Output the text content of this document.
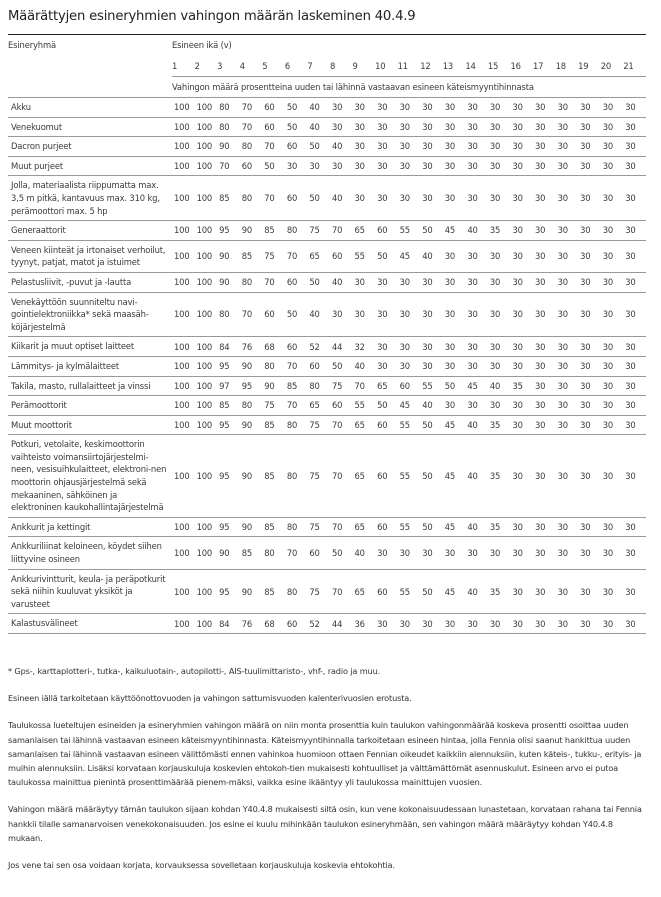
Määrättyjen esineryhmien vahingon määrän laskeminen 40.4.9
Esineryhmä	Esineen ikä (v)																				
	1	2	3	4	5	6	7	8	9	10	11	12	13	14	15	16	17	18	19	20	21
	Vahingon määrä prosentteina uuden tai lähinnä vastaavan esineen käteismyyntihinnasta																				
Akku	100	100	80	70	60	50	40	30	30	30	30	30	30	30	30	30	30	30	30	30	30
Venekuomut	100	100	80	70	60	50	40	30	30	30	30	30	30	30	30	30	30	30	30	30	30
Dacron purjeet	100	100	90	80	70	60	50	40	30	30	30	30	30	30	30	30	30	30	30	30	30
Muut purjeet	100	100	70	60	50	30	30	30	30	30	30	30	30	30	30	30	30	30	30	30	30
Jolla, materiaalista riippumatta max. 3,5 m pitkä, kantavuus max. 310 kg, perämoottori max. 5 hp	100	100	85	80	70	60	50	40	30	30	30	30	30	30	30	30	30	30	30	30	30
Generaattorit	100	100	95	90	85	80	75	70	65	60	55	50	45	40	35	30	30	30	30	30	30
Veneen kiinteät ja irtonaiset verhoilut, tyynyt, patjat, matot ja istuimet	100	100	90	85	75	70	65	60	55	50	45	40	30	30	30	30	30	30	30	30	30
Pelastusliivit, -puvut ja -lautta	100	100	90	80	70	60	50	40	30	30	30	30	30	30	30	30	30	30	30	30	30
Venekäyttöön suunniteltu navi-gointielektroniikka* sekä maasäh-köjärjestelmä	100	100	80	70	60	50	40	30	30	30	30	30	30	30	30	30	30	30	30	30	30
Kiikarit ja muut optiset laitteet	100	100	84	76	68	60	52	44	32	30	30	30	30	30	30	30	30	30	30	30	30
Lämmitys- ja kylmälaitteet	100	100	95	90	80	70	60	50	40	30	30	30	30	30	30	30	30	30	30	30	30
Takila, masto, rullalaitteet ja vinssi	100	100	97	95	90	85	80	75	70	65	60	55	50	45	40	35	30	30	30	30	30
Perämoottorit	100	100	85	80	75	70	65	60	55	50	45	40	30	30	30	30	30	30	30	30	30
Muut moottorit	100	100	95	90	85	80	75	70	65	60	55	50	45	40	35	30	30	30	30	30	30
Potkuri, vetolaite, keskimoottorin vaihteisto voimansiirtojärjestelmi-neen, vesisuihkulaitteet, elektroni-nen moottorin ohjausjärjestelmä sekä mekaaninen, sähköinen ja elektroninen kaukohallintajärjestelmä	100	100	95	90	85	80	75	70	65	60	55	50	45	40	35	30	30	30	30	30	30
Ankkurit ja kettingit	100	100	95	90	85	80	75	70	65	60	55	50	45	40	35	30	30	30	30	30	30
Ankkuriliinat keloineen, köydet siihen liittyvine osineen	100	100	90	85	80	70	60	50	40	30	30	30	30	30	30	30	30	30	30	30	30
Ankkurivintturit, keula- ja peräpotkurit sekä niihin kuuluvat yksiköt ja varusteet	100	100	95	90	85	80	75	70	65	60	55	50	45	40	35	30	30	30	30	30	30
Kalastusvälineet	100	100	84	76	68	60	52	44	36	30	30	30	30	30	30	30	30	30	30	30	30

* Gps-, karttaplotteri-, tutka-, kaikuluotain-, autopilotti-, AIS-tuulimittaristo-, vhf-, radio ja muu.

Esineen iällä tarkoitetaan käyttöönottovuoden ja vahingon sattumisvuoden kalenterivuosien erotusta.

Taulukossa lueteltujen esineiden ja esineryhmien vahingon määrä on niin monta prosenttia kuin taulukon vahingonmäärää koskeva prosentti osoittaa uuden samanlaisen tai lähinnä vastaavan esineen käteismyyntihinnasta. Käteismyyntihinnalla tarkoitetaan esineen hintaa, jolla Fennia olisi saanut hankittua uuden samanlaisen tai lähinnä vastaavan esineen välittömästi ennen vahinkoa huomioon ottaen Fennian oikeudet kaikkiin alennuksiin, kuten käteis-, tukku-, erityis- ja muihin alennuksiin. Lisäksi korvataan korjauskuluja koskevien ehtokoh-tien mukaisesti kohtuulliset ja välttämättömät asennuskulut. Esineen arvo ei putoa taulukossa mainittua pienintä prosenttimäärää pienem-mäksi, vaikka esine ikääntyy yli taulukossa mainittujen vuosien.

Vahingon määrä määräytyy tämän taulukon sijaan kohdan Y40.4.8 mukaisesti siltä osin, kun vene kokonaisuudessaan lunastetaan, korvataan rahana tai Fennia hankkii tilalle samanarvoisen venekokonaisuuden. Jos esine ei kuulu mihinkään taulukon esineryhmään, sen vahingon määrä määräytyy kohdan Y40.4.8 mukaan.

Jos vene tai sen osa voidaan korjata, korvauksessa sovelletaan korjauskuluja koskevia ehtokohtia.
